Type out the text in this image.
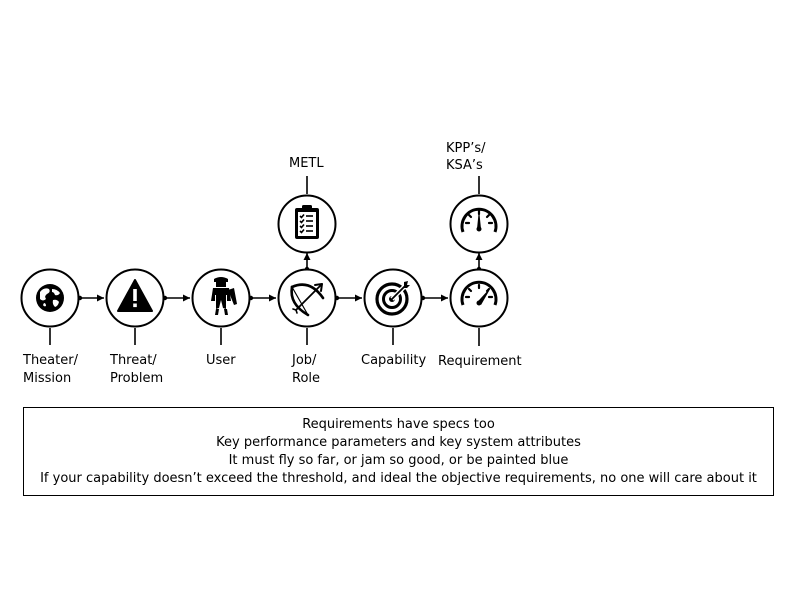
Theater/ Mission
Threat/ Problem
User	Job/ Role
Capability Requirement
METL
KPP’s/ KSA’s
Requirements have specs too
Key performance parameters and key system attributes
It must fly so far, or jam so good, or be painted blue
If your capability doesn’t exceed the threshold, and ideal the objective requirements, no one will care about it
